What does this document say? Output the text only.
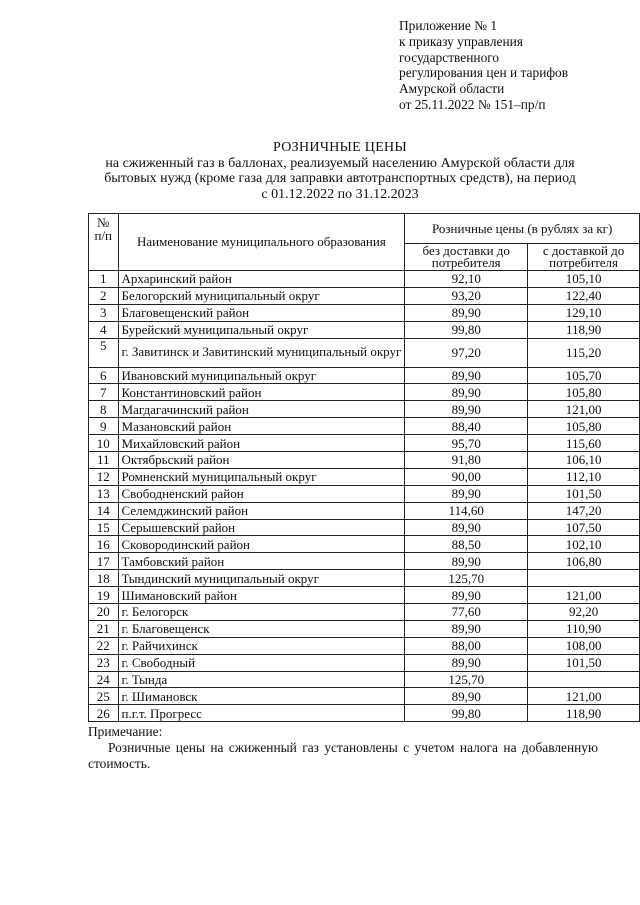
Приложение № 1
к приказу управления
государственного
регулирования цен и тарифов
Амурской области
от 25.11.2022 № 151–пр/п
РОЗНИЧНЫЕ ЦЕНЫ
на сжиженный газ в баллонах, реализуемый населению Амурской области для
бытовых нужд (кроме газа для заправки автотранспортных средств), на период
с 01.12.2022 по 31.12.2023
№ п/п	Наименование муниципального образования	Розничные цены (в рублях за кг)	
		без доставки до потребителя	с доставкой до потребителя
1	Архаринский район	92,10	105,10
2	Белогорский муниципальный округ	93,20	122,40
3	Благовещенский район	89,90	129,10
4	Бурейский муниципальный округ	99,80	118,90
5	г. Завитинск и Завитинский муниципальный округ	97,20	115,20
6	Ивановский муниципальный округ	89,90	105,70
7	Константиновский район	89,90	105,80
8	Магдагачинский район	89,90	121,00
9	Мазановский район	88,40	105,80
10	Михайловский район	95,70	115,60
11	Октябрьский район	91,80	106,10
12	Ромненский муниципальный округ	90,00	112,10
13	Свободненский район	89,90	101,50
14	Селемджинский район	114,60	147,20
15	Серышевский район	89,90	107,50
16	Сковородинский район	88,50	102,10
17	Тамбовский район	89,90	106,80
18	Тындинский муниципальный округ	125,70	
19	Шимановский район	89,90	121,00
20	г. Белогорск	77,60	92,20
21	г. Благовещенск	89,90	110,90
22	г. Райчихинск	88,00	108,00
23	г. Свободный	89,90	101,50
24	г. Тында	125,70	
25	г. Шимановск	89,90	121,00
26	п.г.т. Прогресс	99,80	118,90
Примечание:
Розничные цены на сжиженный газ установлены с учетом налога на добавленную стоимость.
